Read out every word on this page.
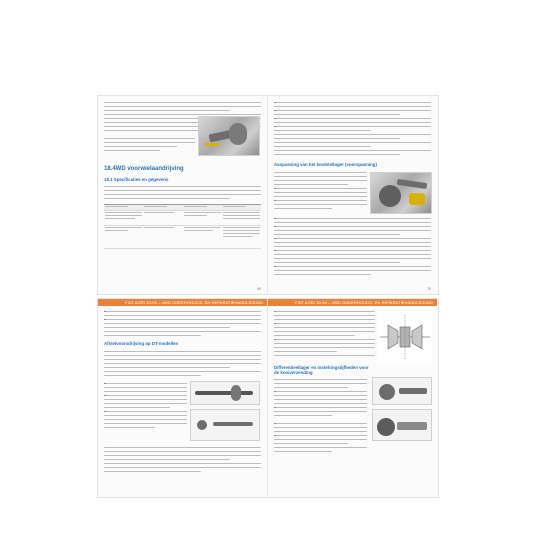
18.4WD voorwielaandrijving
18.1 Specificaties en gegevens
69
Aanpassing van het koolstellager (voorspanning)
70
FIAT AGRI 30-90 – 4WD ONDERHOUDS- EN REPARATIEHANDLEIDING
Afstelvoorsdrijving op DT-modellen
FIAT AGRI 30-90 – 4WD ONDERHOUDS- EN REPARATIEHANDLEIDING
Differentieellager en instelringstijfheden voor de kooiverzending
